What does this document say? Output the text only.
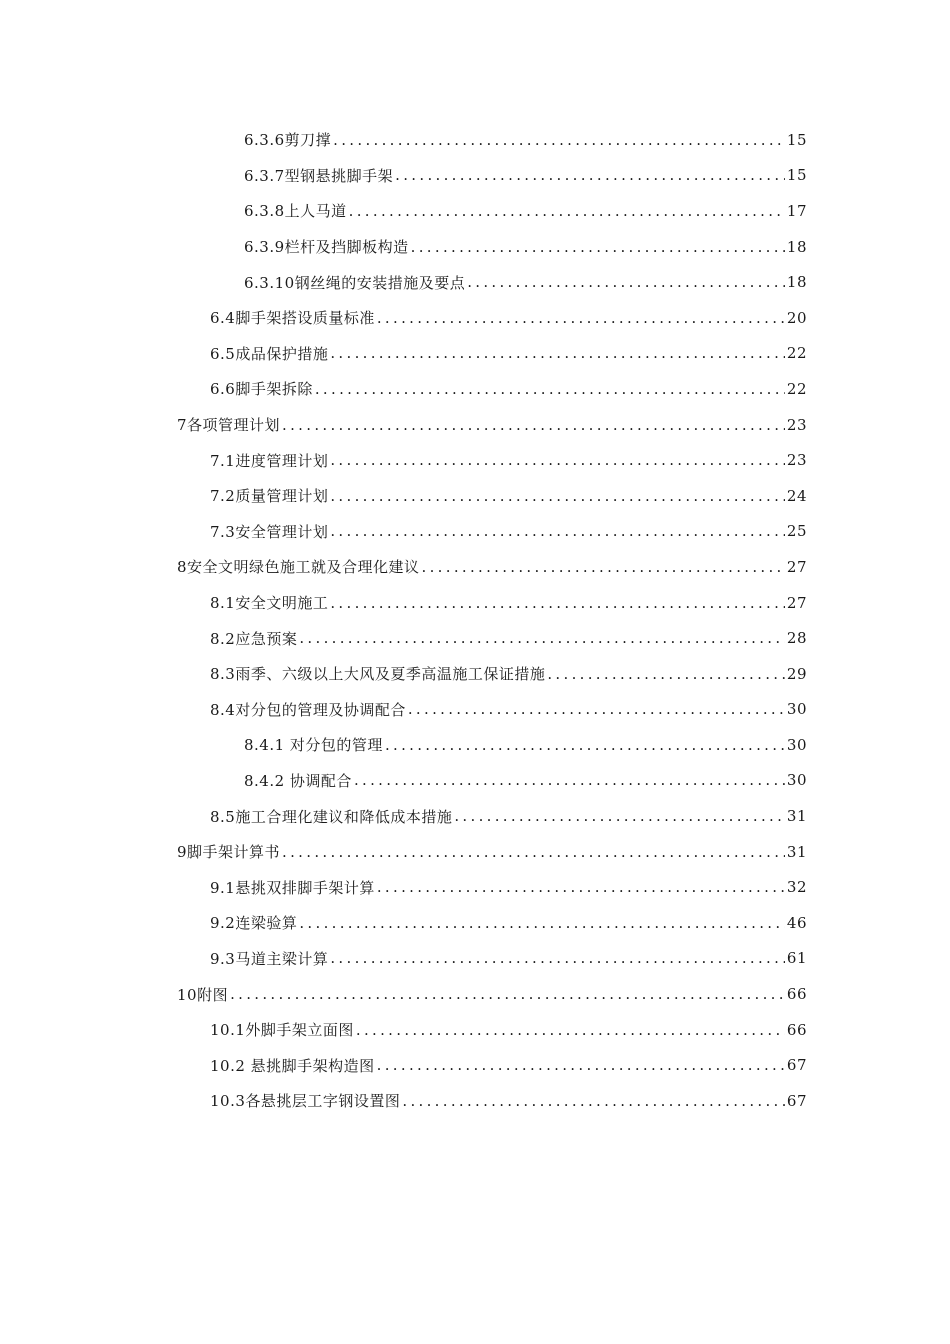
6.3.6剪刀撑 .....	15
6.3.7型钢悬挑脚手架 .....	15
6.3.8上人马道 .....	17
6.3.9栏杆及挡脚板构造 .....	18
6.3.10钢丝绳的安装措施及要点 .....	18
6.4脚手架搭设质量标准 .....	20
6.5成品保护措施 .....	22
6.6脚手架拆除 .....	22
7各项管理计划 .....	23
7.1进度管理计划 .....	23
7.2质量管理计划 .....	24
7.3安全管理计划 .....	25
8安全文明绿色施工就及合理化建议 .....	27
8.1安全文明施工 .....	27
8.2应急预案 .....	28
8.3雨季、六级以上大风及夏季高温施工保证措施 .....	29
8.4对分包的管理及协调配合 .....	30
8.4.1 对分包的管理 .....	30
8.4.2 协调配合 .....	30
8.5施工合理化建议和降低成本措施 .....	31
9脚手架计算书 .....	31
9.1悬挑双排脚手架计算 .....	32
9.2连梁验算 .....	46
9.3马道主梁计算 .....	61
10附图 .....	66
10.1外脚手架立面图 .....	66
10.2 悬挑脚手架构造图 .....	67
10.3各悬挑层工字钢设置图 .....	67
